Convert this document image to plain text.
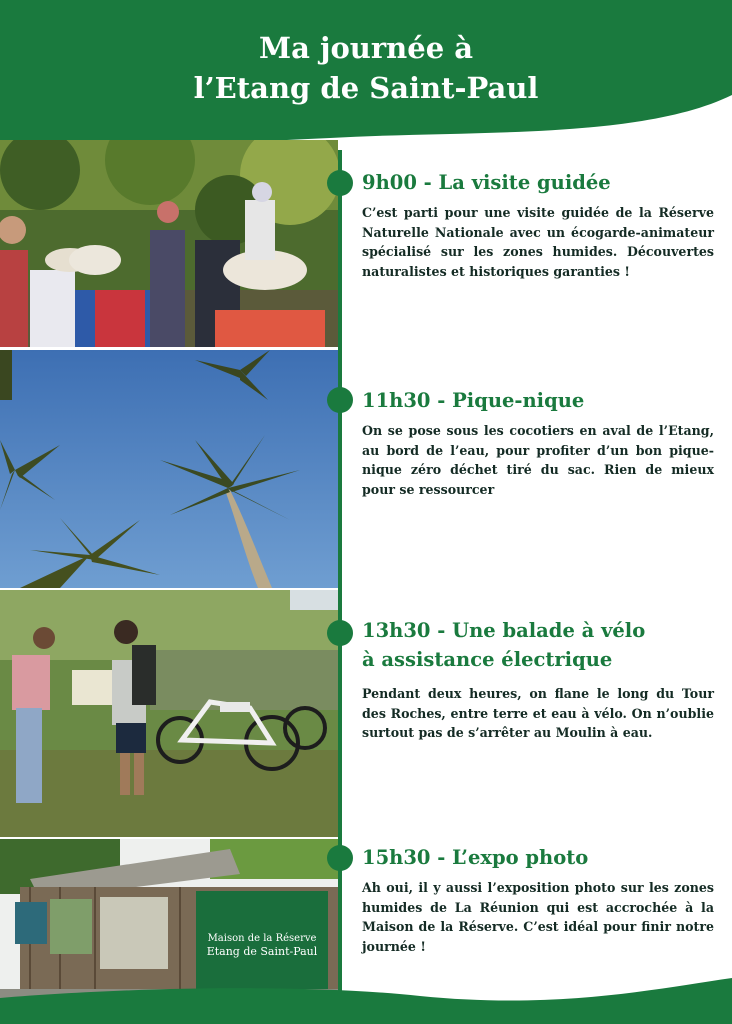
Ma journée à
l’Etang de Saint-Paul
Maison de la Réserve
Etang de Saint-Paul
9h00 - La visite guidée
C’est parti pour une visite guidée de la Réserve Naturelle Nationale avec un écogarde-animateur spécialisé sur les zones humides. Découvertes naturalistes et historiques garanties !
11h30 - Pique-nique
On se pose sous les cocotiers en aval de l’Etang, au bord de l’eau, pour profiter d’un bon pique-nique zéro déchet tiré du sac. Rien de mieux pour se ressourcer
13h30 - Une balade à vélo
à assistance électrique
Pendant deux heures, on flane le long du Tour des Roches, entre terre et eau à vélo. On n’oublie surtout pas de s’arrêter au Moulin à eau.
15h30 - L’expo photo
Ah oui, il y aussi l’exposition photo sur les zones humides de La Réunion qui est accrochée à la Maison de la Réserve. C’est idéal pour finir notre journée !
